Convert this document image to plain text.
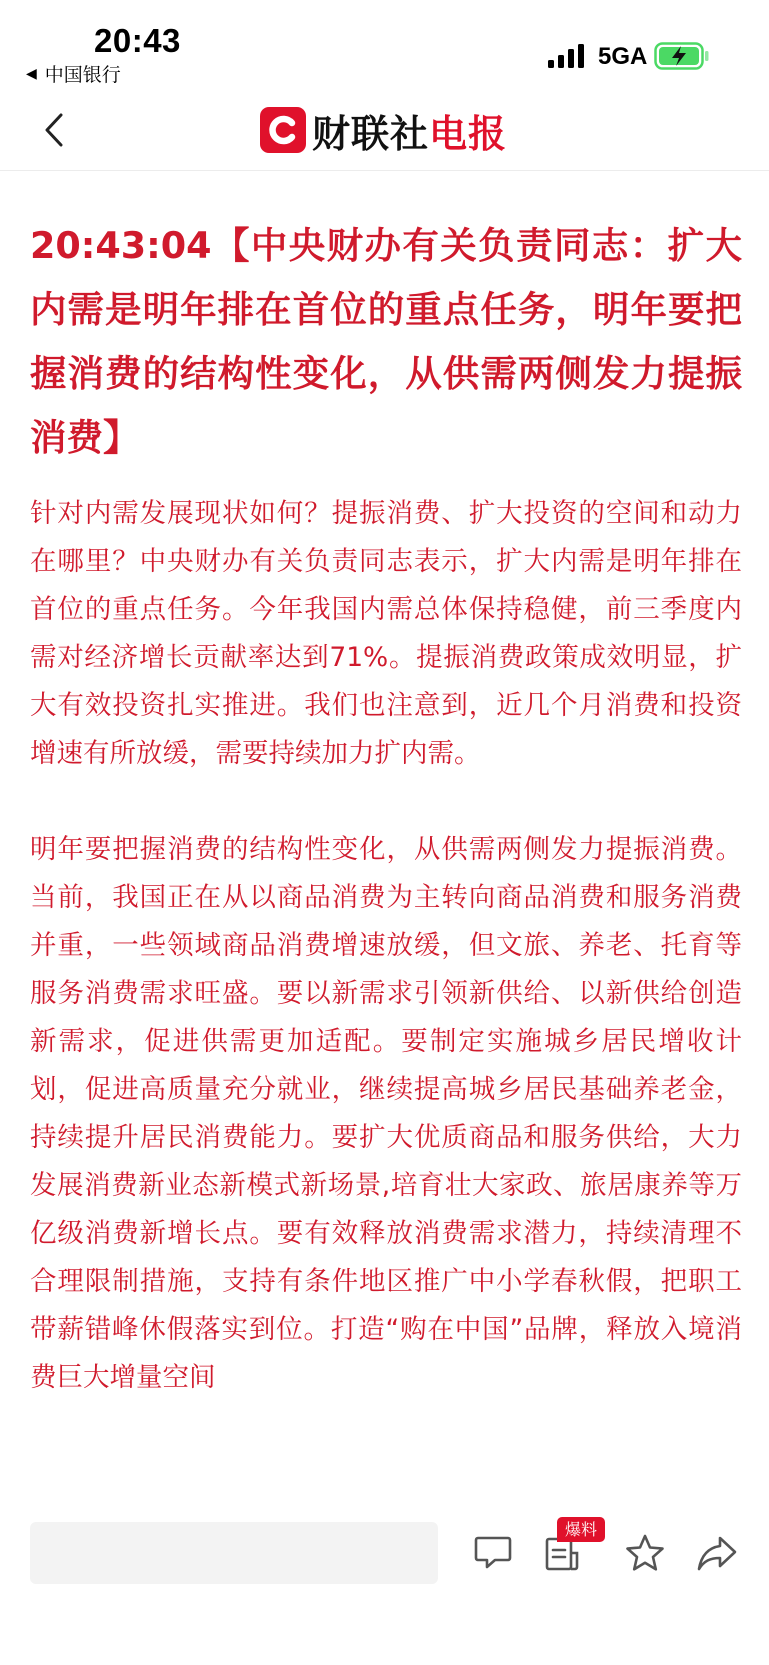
20:43
◀ 中国银行
5GA
财联社 电报
20:43:04【中央财办有关负责同志：扩大内需是明年排在首位的重点任务，明年要把握消费的结构性变化，从供需两侧发力提振消费】

针对内需发展现状如何？提振消费、扩大投资的空间和动力在哪里？中央财办有关负责同志表示，扩大内需是明年排在首位的重点任务。今年我国内需总体保持稳健，前三季度内需对经济增长贡献率达到71%。提振消费政策成效明显，扩大有效投资扎实推进。我们也注意到，近几个月消费和投资增速有所放缓，需要持续加力扩内需。

明年要把握消费的结构性变化，从供需两侧发力提振消费。当前，我国正在从以商品消费为主转向商品消费和服务消费并重，一些领域商品消费增速放缓，但文旅、养老、托育等服务消费需求旺盛。要以新需求引领新供给、以新供给创造新需求，促进供需更加适配。要制定实施城乡居民增收计划，促进高质量充分就业，继续提高城乡居民基础养老金，持续提升居民消费能力。要扩大优质商品和服务供给，大力发展消费新业态新模式新场景,培育壮大家政、旅居康养等万亿级消费新增长点。要有效释放消费需求潜力，持续清理不合理限制措施，支持有条件地区推广中小学春秋假，把职工带薪错峰休假落实到位。打造“购在中国”品牌，释放入境消费巨大增量空间

爆料
